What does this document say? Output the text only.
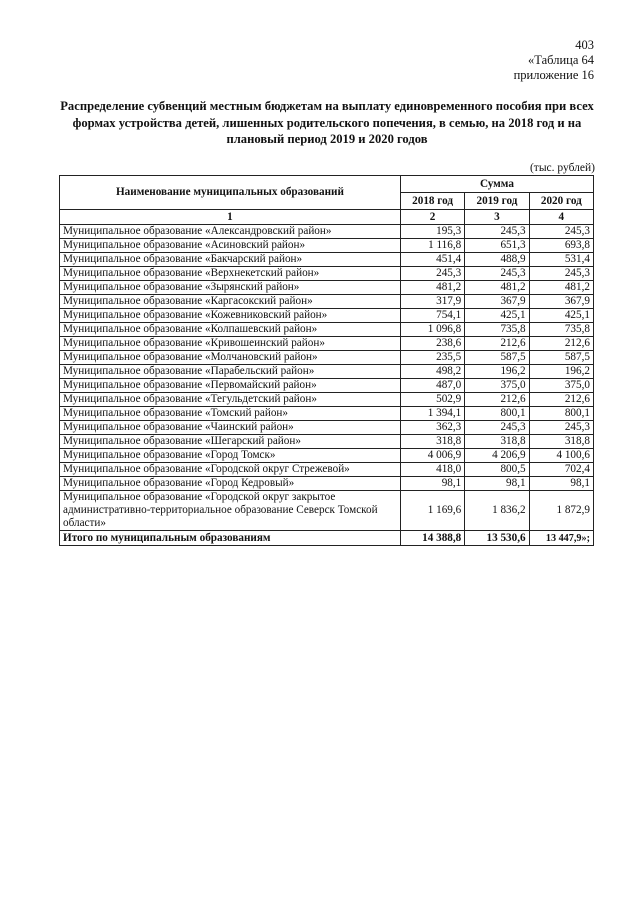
403
«Таблица 64
приложение 16
Распределение субвенций местным бюджетам на выплату единовременного пособия при всех формах устройства детей, лишенных родительского попечения, в семью, на 2018 год и на плановый период 2019 и 2020 годов
(тыс. рублей)
Наименование муниципальных образований	Сумма		
	2018 год	2019 год	2020 год
1	2	3	4
Муниципальное образование «Александровский район»	195,3	245,3	245,3
Муниципальное образование «Асиновский район»	1 116,8	651,3	693,8
Муниципальное образование «Бакчарский район»	451,4	488,9	531,4
Муниципальное образование «Верхнекетский район»	245,3	245,3	245,3
Муниципальное образование «Зырянский район»	481,2	481,2	481,2
Муниципальное образование «Каргасокский район»	317,9	367,9	367,9
Муниципальное образование «Кожевниковский район»	754,1	425,1	425,1
Муниципальное образование «Колпашевский район»	1 096,8	735,8	735,8
Муниципальное образование «Кривошеинский район»	238,6	212,6	212,6
Муниципальное образование «Молчановский район»	235,5	587,5	587,5
Муниципальное образование «Парабельский район»	498,2	196,2	196,2
Муниципальное образование «Первомайский район»	487,0	375,0	375,0
Муниципальное образование «Тегульдетский район»	502,9	212,6	212,6
Муниципальное образование «Томский район»	1 394,1	800,1	800,1
Муниципальное образование «Чаинский район»	362,3	245,3	245,3
Муниципальное образование «Шегарский район»	318,8	318,8	318,8
Муниципальное образование «Город Томск»	4 006,9	4 206,9	4 100,6
Муниципальное образование «Городской округ Стрежевой»	418,0	800,5	702,4
Муниципальное образование «Город Кедровый»	98,1	98,1	98,1
Муниципальное образование «Городской округ закрытое административно-территориальное образование Северск Томской области»	1 169,6	1 836,2	1 872,9
Итого по муниципальным образованиям	14 388,8	13 530,6	13 447,9»;
